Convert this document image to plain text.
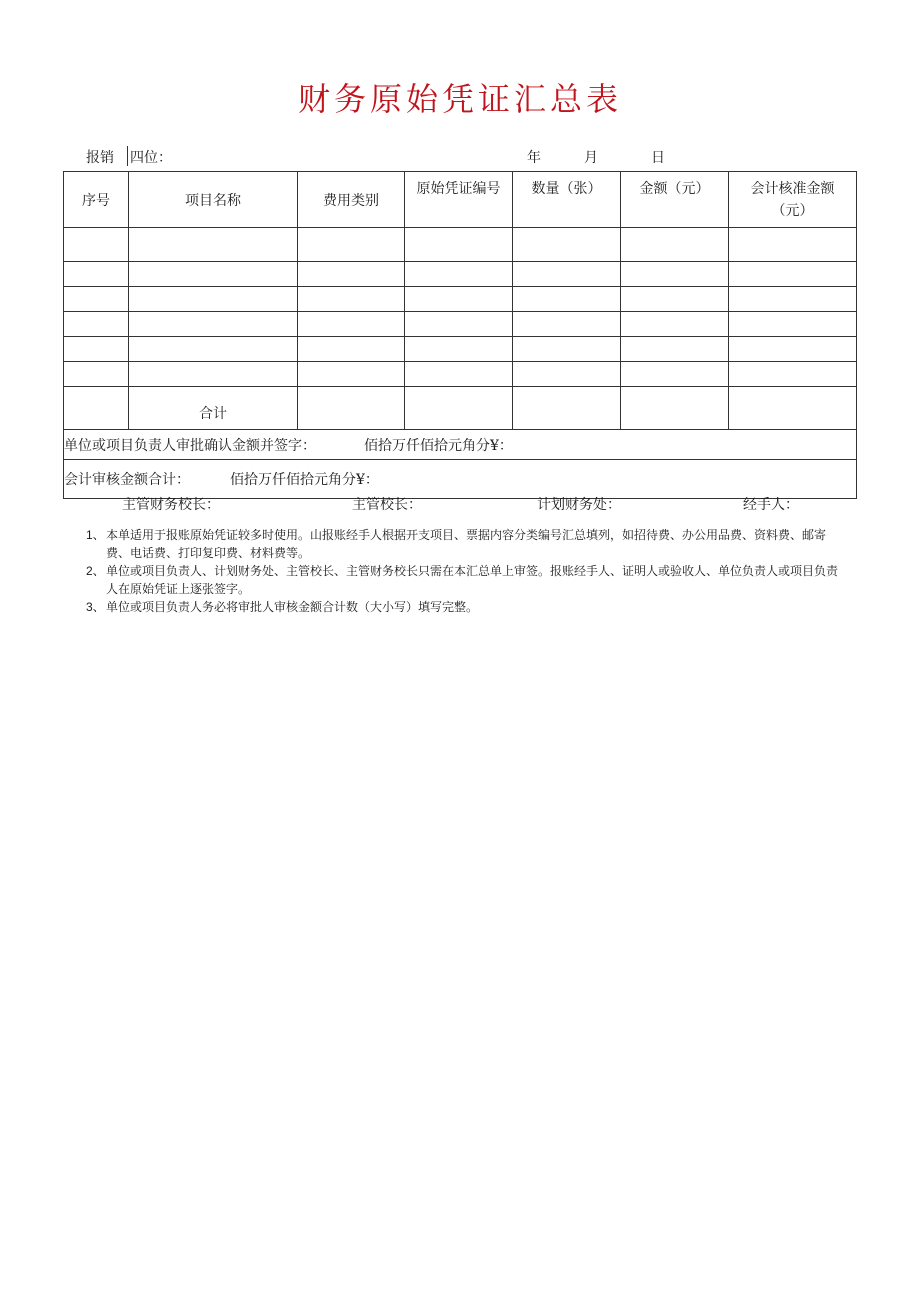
财务原始凭证汇总表
报销 四位：	年	月	日
序号	项目名称	费用类别	原始凭证编号	数量（张）	金额（元）	会计核准金额（元）

	合计					
单位或项目负责人审批确认金额并签字： 佰拾万仟佰拾元角分¥：						
会计审核金额合计： 佰拾万仟佰拾元角分¥：						
主管财务校长：	主管校长：	计划财务处：	经手人：

1、 本单适用于报账原始凭证较多时使用。山报账经手人根据开支项目、票据内容分类编号汇总填列，如招待费、办公用品费、资料费、邮寄费、电话费、打印复印费、材料费等。

2、 单位或项目负责人、计划财务处、主管校长、主管财务校长只需在本汇总单上审签。报账经手人、证明人或验收人、单位负责人或项目负责人在原始凭证上逐张签字。

3、 单位或项目负责人务必将审批人审核金额合计数（大小写）填写完整。
